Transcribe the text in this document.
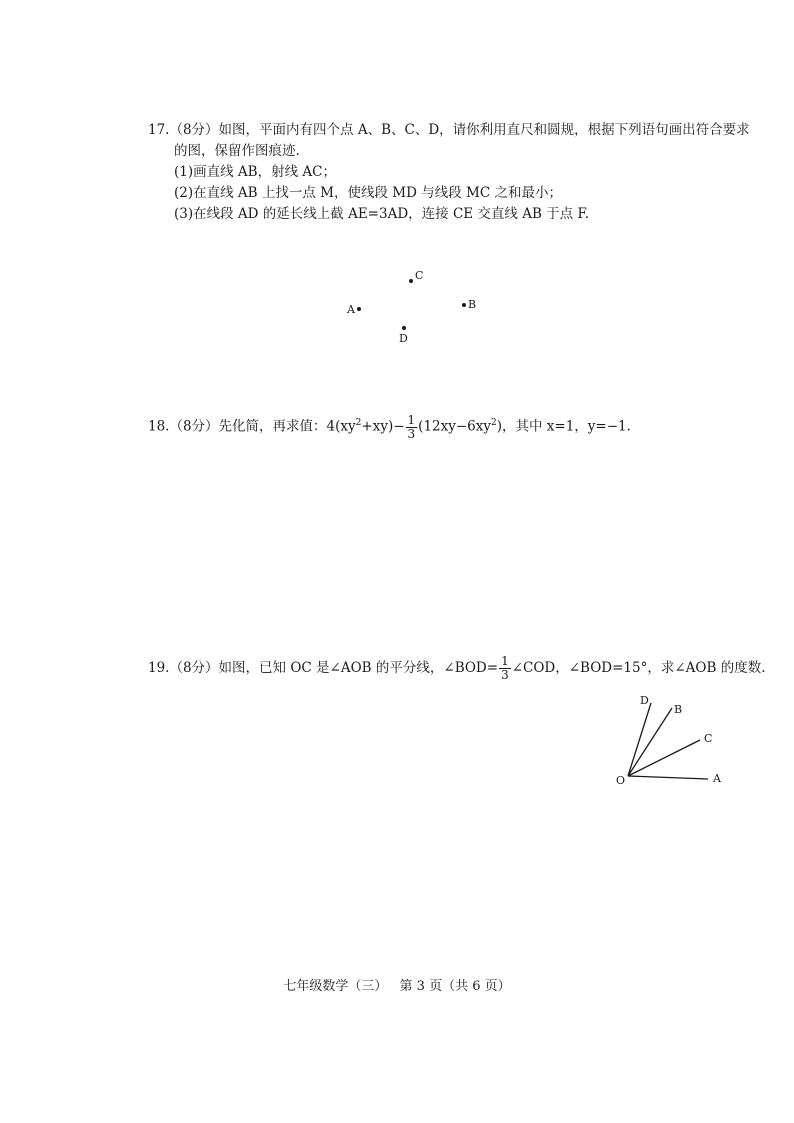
17.（8分）如图，平面内有四个点 A、B、C、D，请你利用直尺和圆规，根据下列语句画出符合要求

的图，保留作图痕迹.
(1)画直线 AB，射线 AC；
(2)在直线 AB 上找一点 M，使线段 MD 与线段 MC 之和最小；
(3)在线段 AD 的延长线上截 AE=3AD，连接 CE 交直线 AB 于点 F.
C
A	B
D
18.（8分）先化简，再求值：$4(xy^2+xy)- \frac{1}{3} (12xy-6xy^2)$，其中 x=1，y=−1.
19.（8分）如图，已知 OC 是∠AOB 的平分线，∠BOD= $\frac{1}{3}$ ∠COD，∠BOD=15°，求∠AOB 的度数.
O	A
C
B
D
七年级数学（三） 第 3 页（共 6 页）
